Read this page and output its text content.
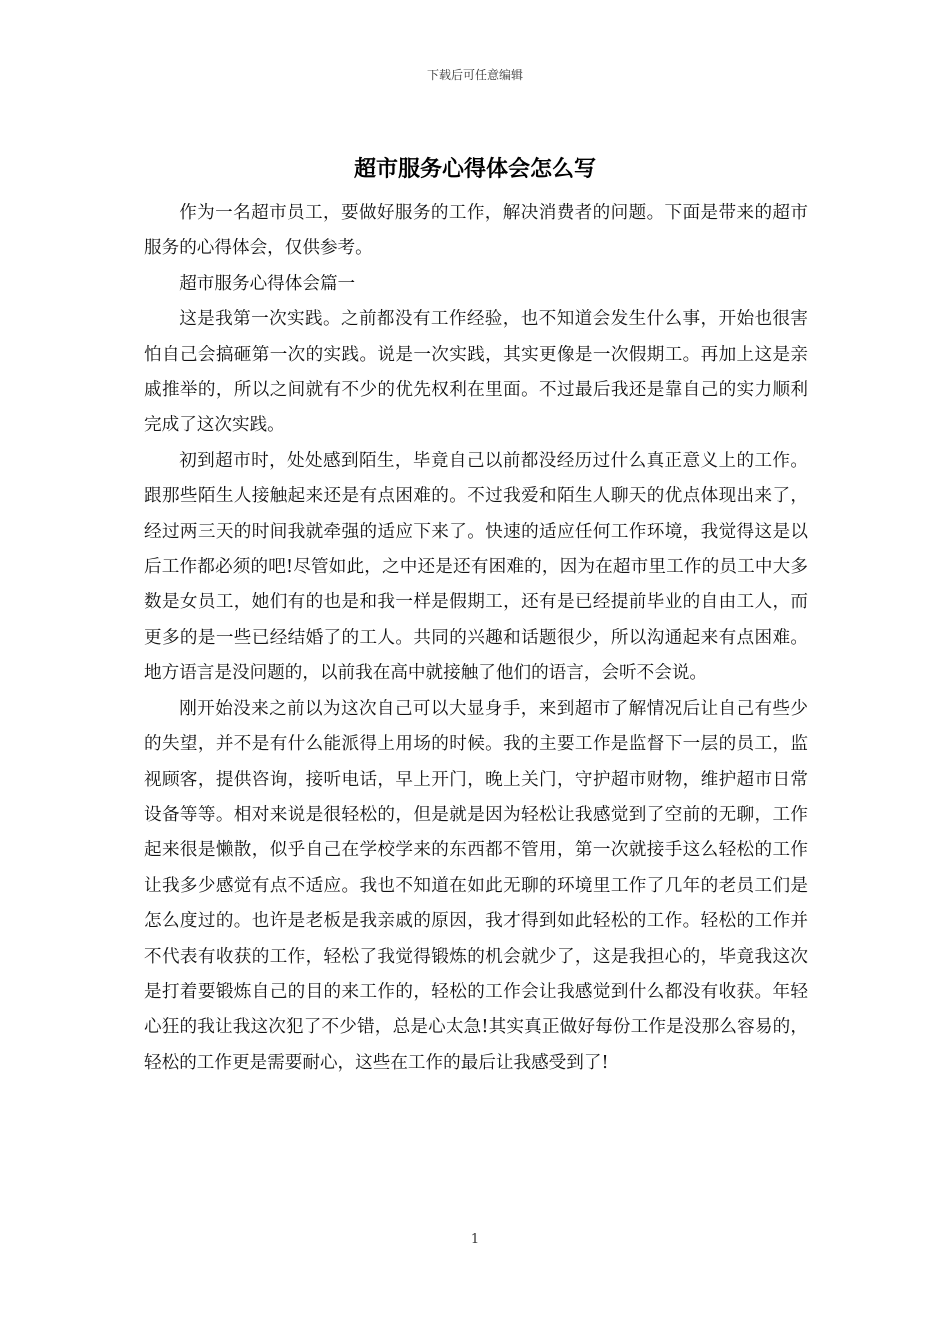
下载后可任意编辑
超市服务心得体会怎么写

作为一名超市员工，要做好服务的工作，解决消费者的问题。下面是带来的超市服务的心得体会，仅供参考。

超市服务心得体会篇一

这是我第一次实践。之前都没有工作经验，也不知道会发生什么事，开始也很害怕自己会搞砸第一次的实践。说是一次实践，其实更像是一次假期工。再加上这是亲戚推举的，所以之间就有不少的优先权利在里面。不过最后我还是靠自己的实力顺利完成了这次实践。

初到超市时，处处感到陌生，毕竟自己以前都没经历过什么真正意义上的工作。跟那些陌生人接触起来还是有点困难的。不过我爱和陌生人聊天的优点体现出来了，经过两三天的时间我就牵强的适应下来了。快速的适应任何工作环境，我觉得这是以后工作都必须的吧!尽管如此，之中还是还有困难的，因为在超市里工作的员工中大多数是女员工，她们有的也是和我一样是假期工，还有是已经提前毕业的自由工人，而更多的是一些已经结婚了的工人。共同的兴趣和话题很少，所以沟通起来有点困难。地方语言是没问题的，以前我在高中就接触了他们的语言，会听不会说。

刚开始没来之前以为这次自己可以大显身手，来到超市了解情况后让自己有些少的失望，并不是有什么能派得上用场的时候。我的主要工作是监督下一层的员工，监视顾客，提供咨询，接听电话，早上开门，晚上关门，守护超市财物，维护超市日常设备等等。相对来说是很轻松的，但是就是因为轻松让我感觉到了空前的无聊，工作起来很是懒散，似乎自己在学校学来的东西都不管用，第一次就接手这么轻松的工作让我多少感觉有点不适应。我也不知道在如此无聊的环境里工作了几年的老员工们是怎么度过的。也许是老板是我亲戚的原因，我才得到如此轻松的工作。轻松的工作并不代表有收获的工作，轻松了我觉得锻炼的机会就少了，这是我担心的，毕竟我这次是打着要锻炼自己的目的来工作的，轻松的工作会让我感觉到什么都没有收获。年轻心狂的我让我这次犯了不少错，总是心太急!其实真正做好每份工作是没那么容易的，轻松的工作更是需要耐心，这些在工作的最后让我感受到了!

1
